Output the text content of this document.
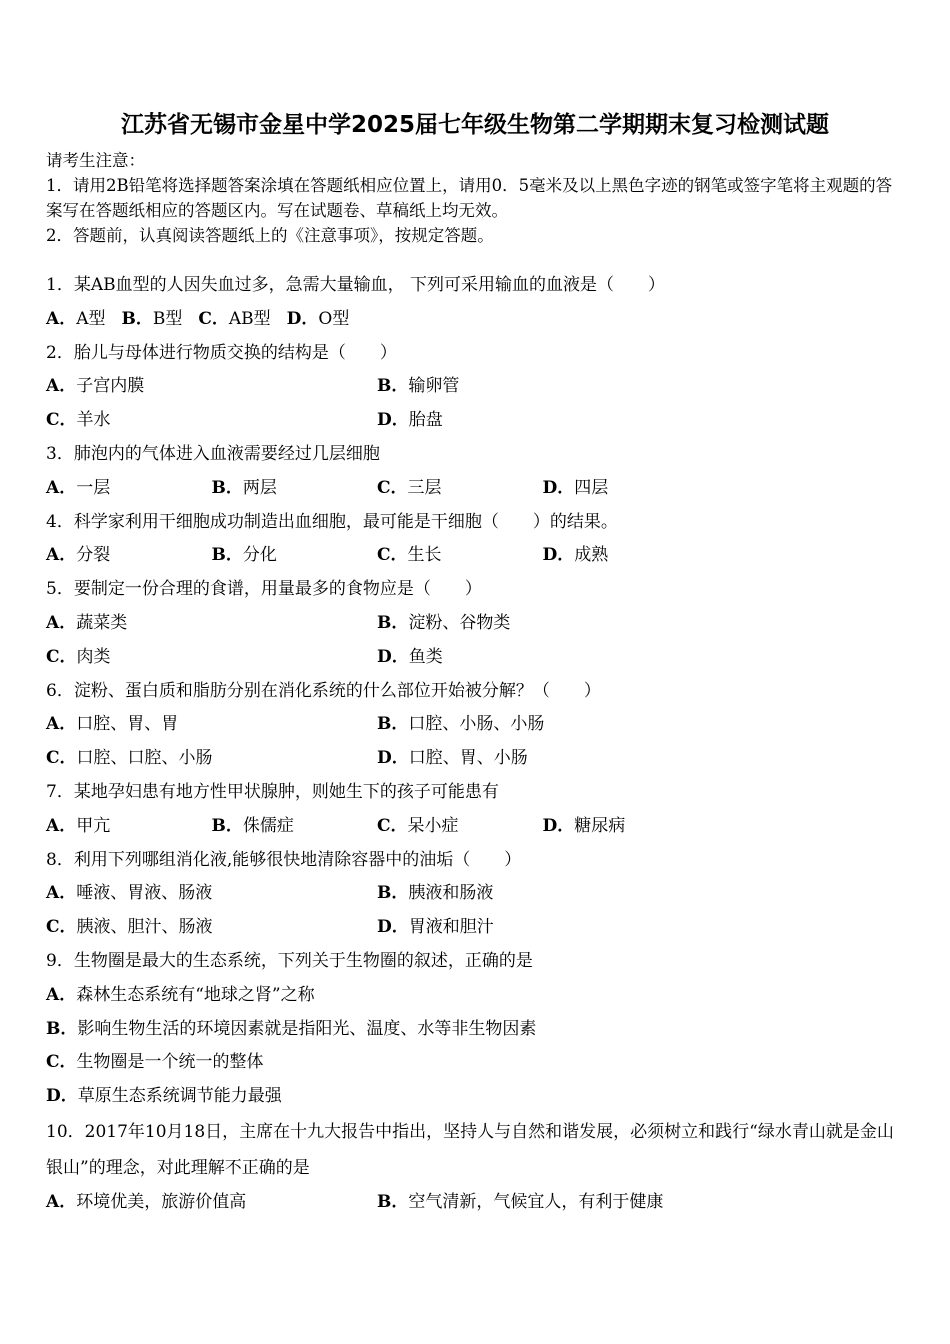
江苏省无锡市金星中学2025届七年级生物第二学期期末复习检测试题
请考生注意：
1．请用2B铅笔将选择题答案涂填在答题纸相应位置上，请用0．5毫米及以上黑色字迹的钢笔或签字笔将主观题的答案写在答题纸相应的答题区内。写在试题卷、草稿纸上均无效。
2．答题前，认真阅读答题纸上的《注意事项》，按规定答题。
1．某AB血型的人因失血过多，急需大量输血， 下列可采用输血的血液是（　　）
A．A型 B．B型 C．AB型 D．O型
2．胎儿与母体进行物质交换的结构是（　　）
A．子宫内膜	B．输卵管
C．羊水	D．胎盘
3．肺泡内的气体进入血液需要经过几层细胞
A．一层	B．两层	C．三层	D．四层
4．科学家利用干细胞成功制造出血细胞，最可能是干细胞（　　）的结果。
A．分裂	B．分化	C．生长	D．成熟
5．要制定一份合理的食谱，用量最多的食物应是（　　）
A．蔬菜类	B．淀粉、谷物类
C．肉类	D．鱼类
6．淀粉、蛋白质和脂肪分别在消化系统的什么部位开始被分解？（　　）
A．口腔、胃、胃	B．口腔、小肠、小肠
C．口腔、口腔、小肠	D．口腔、胃、小肠
7．某地孕妇患有地方性甲状腺肿，则她生下的孩子可能患有
A．甲亢	B．侏儒症	C．呆小症	D．糖尿病
8．利用下列哪组消化液,能够很快地清除容器中的油垢（　　）
A．唾液、胃液、肠液	B．胰液和肠液
C．胰液、胆汁、肠液	D．胃液和胆汁
9．生物圈是最大的生态系统，下列关于生物圈的叙述，正确的是
A．森林生态系统有“地球之肾”之称
B．影响生物生活的环境因素就是指阳光、温度、水等非生物因素
C．生物圈是一个统一的整体
D．草原生态系统调节能力最强
10．2017年10月18日，主席在十九大报告中指出，坚持人与自然和谐发展，必须树立和践行“绿水青山就是金山银山”的理念，对此理解不正确的是
A．环境优美，旅游价值高	B．空气清新，气候宜人，有利于健康
